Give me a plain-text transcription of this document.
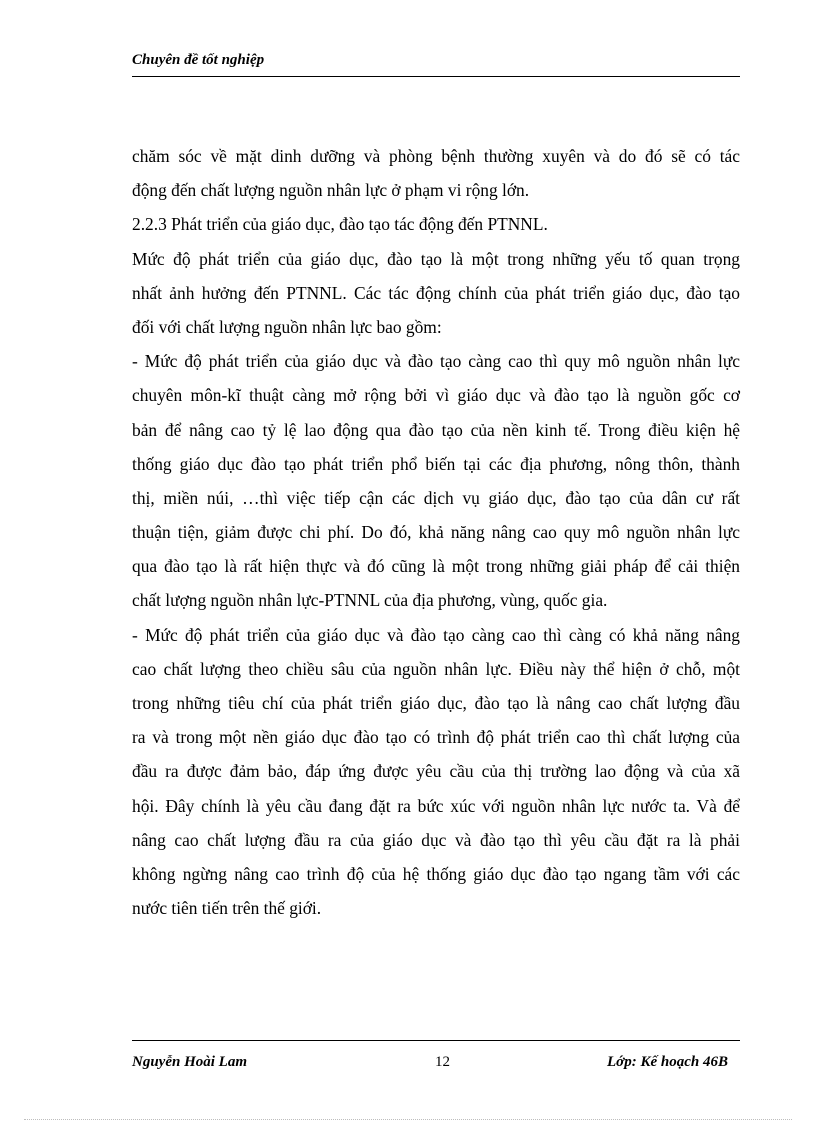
Chuyên đề tốt nghiệp
chăm sóc về mặt dinh dưỡng và phòng bệnh thường xuyên và do đó sẽ có tác
động đến chất lượng nguồn nhân lực ở phạm vi rộng lớn.
2.2.3 Phát triển của giáo dục, đào tạo tác động đến PTNNL.
Mức độ phát triển của giáo dục, đào tạo là một trong những yếu tố quan trọng
nhất ảnh hưởng đến PTNNL. Các tác động chính của phát triển giáo dục, đào tạo
đối với chất lượng nguồn nhân lực bao gồm:
- Mức độ phát triển của giáo dục và đào tạo càng cao thì quy mô nguồn nhân lực
chuyên môn-kĩ thuật càng mở rộng bởi vì giáo dục và đào tạo là nguồn gốc cơ
bản để nâng cao tỷ lệ lao động qua đào tạo của nền kinh tế. Trong điều kiện hệ
thống giáo dục đào tạo phát triển phổ biến tại các địa phương, nông thôn, thành
thị, miền núi, …thì việc tiếp cận các dịch vụ giáo dục, đào tạo của dân cư rất
thuận tiện, giảm được chi phí. Do đó, khả năng nâng cao quy mô nguồn nhân lực
qua đào tạo là rất hiện thực và đó cũng là một trong những giải pháp để cải thiện
chất lượng nguồn nhân lực-PTNNL của địa phương, vùng, quốc gia.
- Mức độ phát triển của giáo dục và đào tạo càng cao thì càng có khả năng nâng
cao chất lượng theo chiều sâu của nguồn nhân lực. Điều này thể hiện ở chỗ, một
trong những tiêu chí của phát triển giáo dục, đào tạo là nâng cao chất lượng đầu
ra và trong một nền giáo dục đào tạo có trình độ phát triển cao thì chất lượng của
đầu ra được đảm bảo, đáp ứng được yêu cầu của thị trường lao động và của xã
hội. Đây chính là yêu cầu đang đặt ra bức xúc với nguồn nhân lực nước ta. Và để
nâng cao chất lượng đầu ra của giáo dục và đào tạo thì yêu cầu đặt ra là phải
không ngừng nâng cao trình độ của hệ thống giáo dục đào tạo ngang tầm với các
nước tiên tiến trên thế giới.
Nguyễn Hoài Lam	12	Lớp: Kế hoạch 46B
